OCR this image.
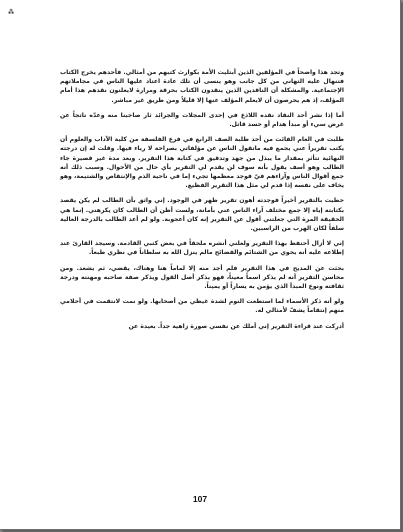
⁂

وتجد هذا واضحاً في المؤلفين الذين أبتليت الأمة بكوارث كتبهم من أمثالي. فأحدهم يخرج الكتاب فتنهال عليه التهاني من كل جانب وهو ينسى أن تلك عادة اعتاد عليها الناس في مجاملاتهم الإجتماعية. والمشكلة أن الناقدين الذين ينقدون الكتاب بحرقة ومرارة لايعلنون نقدهم هذا أمام المؤلف، إذ هم يحرصون أن لايعلم المؤلف عنها إلا قليلاً ومن طريق غير مباشر.

أما إذا نشر أحد النقاد نقده اللاذع في إحدى المجلات والجرائد ثار صاحبنا منه وعدّه ناتجاً عن غرض سيء أو مبدأ هدام أو حسد قاتل.

طلبت في العام الفائت من أحد طلبة الصف الرابع في فرع الفلسفة من كلية الآداب والعلوم أن يكتب تقريراً عني يجمع فيه ماتقول الناس عن مؤلفاتي بصراحة لا رياء فيها. وقلت له إن درجته النهائية تتأثر بمقدار ما يبذل من جهد وتدقيق في كتابة هذا التقرير. وبعد مدة غير قصيرة جاء الطالب وهو أسف يقول بأنه سوف لن يقدم لي التقرير بأي حال من الأحوال. وسبب ذلك أنه جمع أقوال الناس وآراءهم فيّ فوجد معظمها تجيء إما في ناحية الذم والإنتقاص والشتيمة، وهو يخاف على نفسه إذا قدم لي مثل هذا التقرير الفظيع.

حطيت بالتقرير أخيراً فوجدته أهون تقرير ظهر في الوجود. إني واثق بأن الطالب لم يكن يقصد بكتابته إياه إلا جمع مختلف آراء الناس عني بأمانة، ولست أظن أن الطالب كان يكرهني. إنما هي الحقيقة المرة التي جعلتني أقول عن التقرير إنه كان أعجوبة. ولو لم أعد الطالب بالدرجة العالية سلفاً لكان الهرب من الراسبين.

إني لا أزال أحتفظ بهذا التقرير ولعلني أنشره ملحقاً في بعض كتبي القادمة. وسيجد القارئ عند إطلاعه عليه أنه يحوي من الشتائم والفضائح مالم ينزل الله به سلطاناً في نظري طبعاً.

بحثت عن المديح في هذا التقرير فلم أجد منه إلا لماماً هنا وهناك، يقضي، ثم يشعد. ومن محاسن التقرير أنه لم يذكر اسماً معيناً، فهو يذكر أصل القول ويذكر صفة صاحبه ومهنته ودرجة ثقافته ونوع المبدأ الذي يؤمن به يساراً أو يميناً.

ولو أنه ذكر الأسماء لما استطعت النوم لشدة غيظي من أصحابها. ولو نمت لانتقمت في أحلامي منهم إنتقاماً يشفّ لأمثالي له.

أدركت عند قراءة التقرير إني أملك عن نفسي صورة زاهية جداً. بعيدة عن

107
